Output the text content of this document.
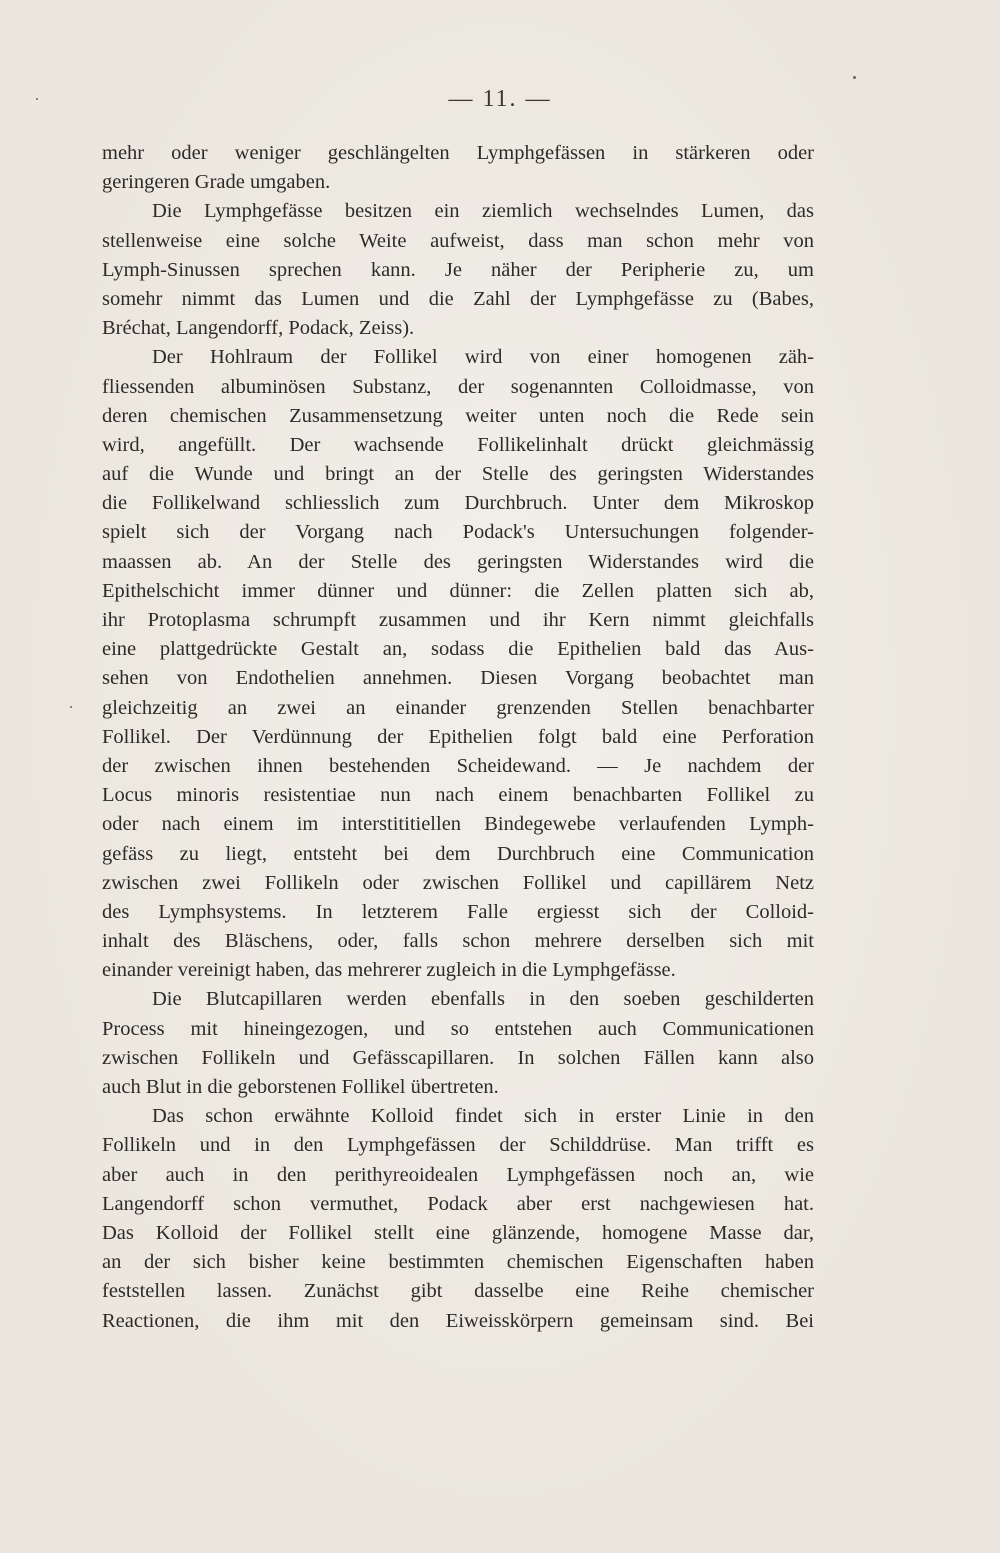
— 11. —
mehr oder weniger geschlängelten Lymphgefässen in stärkeren oder
geringeren Grade umgaben.
Die Lymphgefässe besitzen ein ziemlich wechselndes Lumen, das
stellenweise eine solche Weite aufweist, dass man schon mehr von
Lymph-Sinussen sprechen kann. Je näher der Peripherie zu, um
somehr nimmt das Lumen und die Zahl der Lymphgefässe zu (Babes,
Bréchat, Langendorff, Podack, Zeiss).
Der Hohlraum der Follikel wird von einer homogenen zäh-
fliessenden albuminösen Substanz, der sogenannten Colloidmasse, von
deren chemischen Zusammensetzung weiter unten noch die Rede sein
wird, angefüllt. Der wachsende Follikelinhalt drückt gleichmässig
auf die Wunde und bringt an der Stelle des geringsten Widerstandes
die Follikelwand schliesslich zum Durchbruch. Unter dem Mikroskop
spielt sich der Vorgang nach Podack's Untersuchungen folgender-
maassen ab. An der Stelle des geringsten Widerstandes wird die
Epithelschicht immer dünner und dünner: die Zellen platten sich ab,
ihr Protoplasma schrumpft zusammen und ihr Kern nimmt gleichfalls
eine plattgedrückte Gestalt an, sodass die Epithelien bald das Aus-
sehen von Endothelien annehmen. Diesen Vorgang beobachtet man
gleichzeitig an zwei an einander grenzenden Stellen benachbarter
Follikel. Der Verdünnung der Epithelien folgt bald eine Perforation
der zwischen ihnen bestehenden Scheidewand. — Je nachdem der
Locus minoris resistentiae nun nach einem benachbarten Follikel zu
oder nach einem im interstititiellen Bindegewebe verlaufenden Lymph-
gefäss zu liegt, entsteht bei dem Durchbruch eine Communication
zwischen zwei Follikeln oder zwischen Follikel und capillärem Netz
des Lymphsystems. In letzterem Falle ergiesst sich der Colloid-
inhalt des Bläschens, oder, falls schon mehrere derselben sich mit
einander vereinigt haben, das mehrerer zugleich in die Lymphgefässe.
Die Blutcapillaren werden ebenfalls in den soeben geschilderten
Process mit hineingezogen, und so entstehen auch Communicationen
zwischen Follikeln und Gefässcapillaren. In solchen Fällen kann also
auch Blut in die geborstenen Follikel übertreten.
Das schon erwähnte Kolloid findet sich in erster Linie in den
Follikeln und in den Lymphgefässen der Schilddrüse. Man trifft es
aber auch in den perithyreoidealen Lymphgefässen noch an, wie
Langendorff schon vermuthet, Podack aber erst nachgewiesen hat.
Das Kolloid der Follikel stellt eine glänzende, homogene Masse dar,
an der sich bisher keine bestimmten chemischen Eigenschaften haben
feststellen lassen. Zunächst gibt dasselbe eine Reihe chemischer
Reactionen, die ihm mit den Eiweisskörpern gemeinsam sind. Bei
